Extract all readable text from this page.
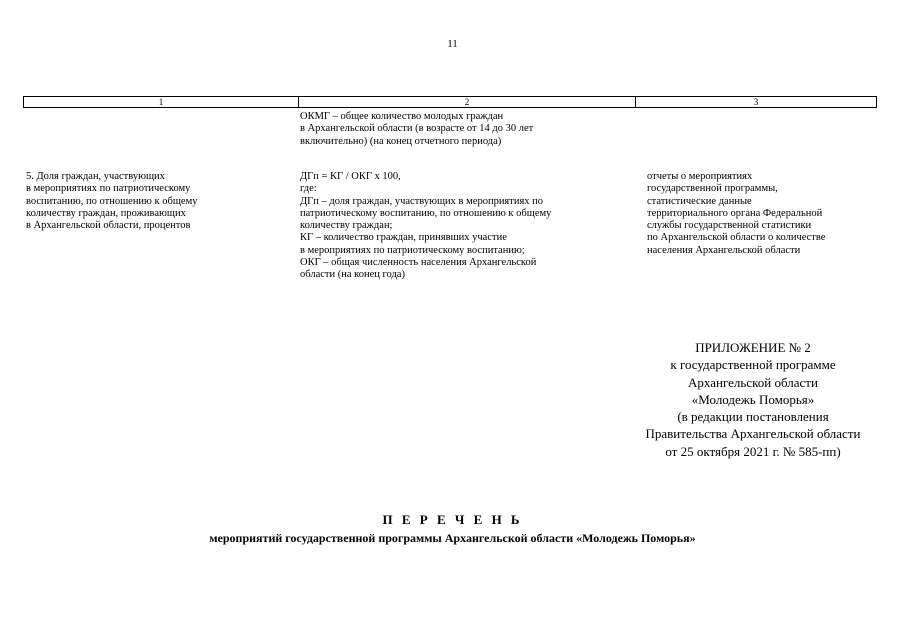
11
1	2	3
ОКМГ – общее количество молодых граждан
в Архангельской области (в возрасте от 14 до 30 лет
включительно) (на конец отчетного периода)
5. Доля граждан, участвующих
в мероприятиях по патриотическому
воспитанию, по отношению к общему
количеству граждан, проживающих
в Архангельской области, процентов
ДГп = КГ / ОКГ x 100,
где:
ДГп – доля граждан, участвующих в мероприятиях по
патриотическому воспитанию, по отношению к общему
количеству граждан;
КГ – количество граждан, принявших участие
в мероприятиях по патриотическому воспитанию;
ОКГ – общая численность населения Архангельской
области (на конец года)
отчеты о мероприятиях
государственной программы,
статистические данные
территориального органа Федеральной
службы государственной статистики
по Архангельской области о количестве
населения Архангельской области
ПРИЛОЖЕНИЕ № 2
к государственной программе
Архангельской области
«Молодежь Поморья»
(в редакции постановления
Правительства Архангельской области
от 25 октября 2021 г. № 585-пп)
П Е Р Е Ч Е Н Ь
мероприятий государственной программы Архангельской области «Молодежь Поморья»
